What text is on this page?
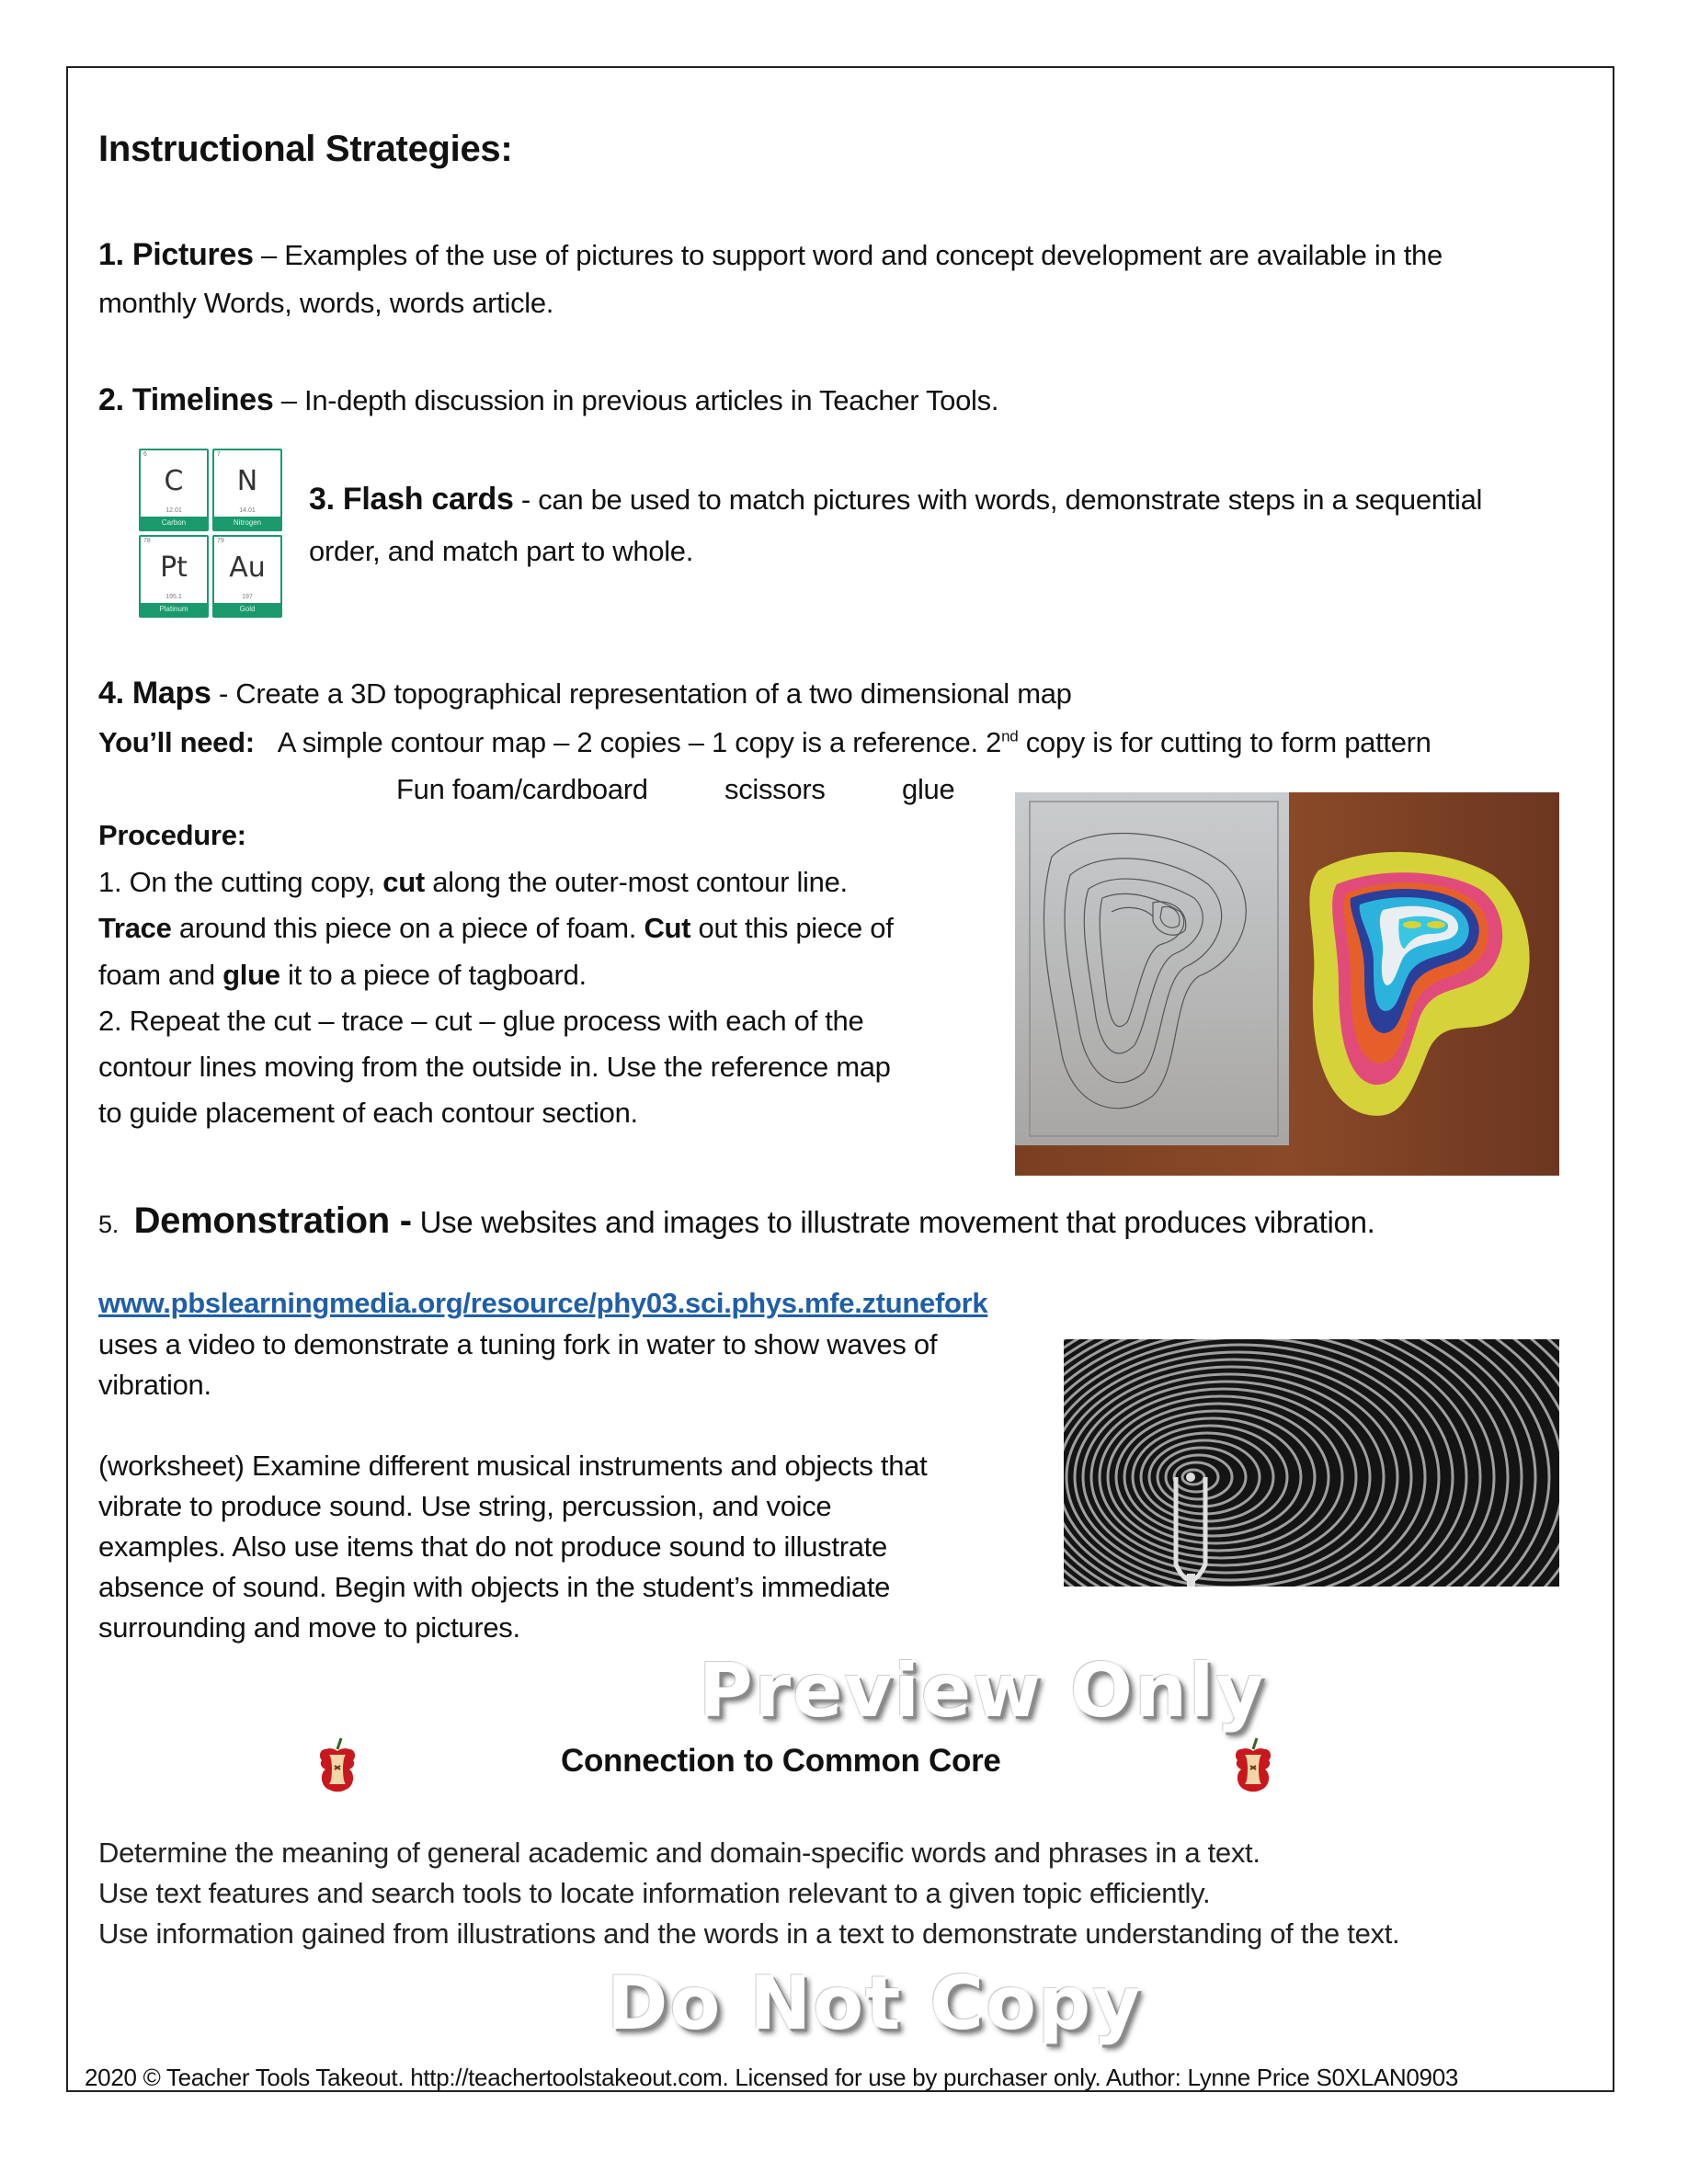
Instructional Strategies:
1. Pictures – Examples of the use of pictures to support word and concept development are available in the
monthly Words, words, words article.
2. Timelines – In-depth discussion in previous articles in Teacher Tools.
6
C
12.01
Carbon
7
N
14.01
Nitrogen
78
Pt
195.1
Platinum
79
Au
197
Gold
3. Flash cards - can be used to match pictures with words, demonstrate steps in a sequential
order, and match part to whole.
4. Maps - Create a 3D topographical representation of a two dimensional map
You’ll need: A simple contour map – 2 copies – 1 copy is a reference. 2nd copy is for cutting to form pattern
Fun foam/cardboard	scissors	glue
Procedure:
1. On the cutting copy, cut along the outer-most contour line.
Trace around this piece on a piece of foam. Cut out this piece of
foam and glue it to a piece of tagboard.
2. Repeat the cut – trace – cut – glue process with each of the
contour lines moving from the outside in. Use the reference map
to guide placement of each contour section.
5. Demonstration - Use websites and images to illustrate movement that produces vibration.
www.pbslearningmedia.org/resource/phy03.sci.phys.mfe.ztunefork
uses a video to demonstrate a tuning fork in water to show waves of
vibration.
(worksheet) Examine different musical instruments and objects that
vibrate to produce sound. Use string, percussion, and voice
examples. Also use items that do not produce sound to illustrate
absence of sound. Begin with objects in the student’s immediate
surrounding and move to pictures.
Preview Only
Connection to Common Core
Determine the meaning of general academic and domain-specific words and phrases in a text.
Use text features and search tools to locate information relevant to a given topic efficiently.
Use information gained from illustrations and the words in a text to demonstrate understanding of the text.
Do Not Copy
2020 © Teacher Tools Takeout. http://teachertoolstakeout.com. Licensed for use by purchaser only. Author: Lynne Price S0XLAN0903
